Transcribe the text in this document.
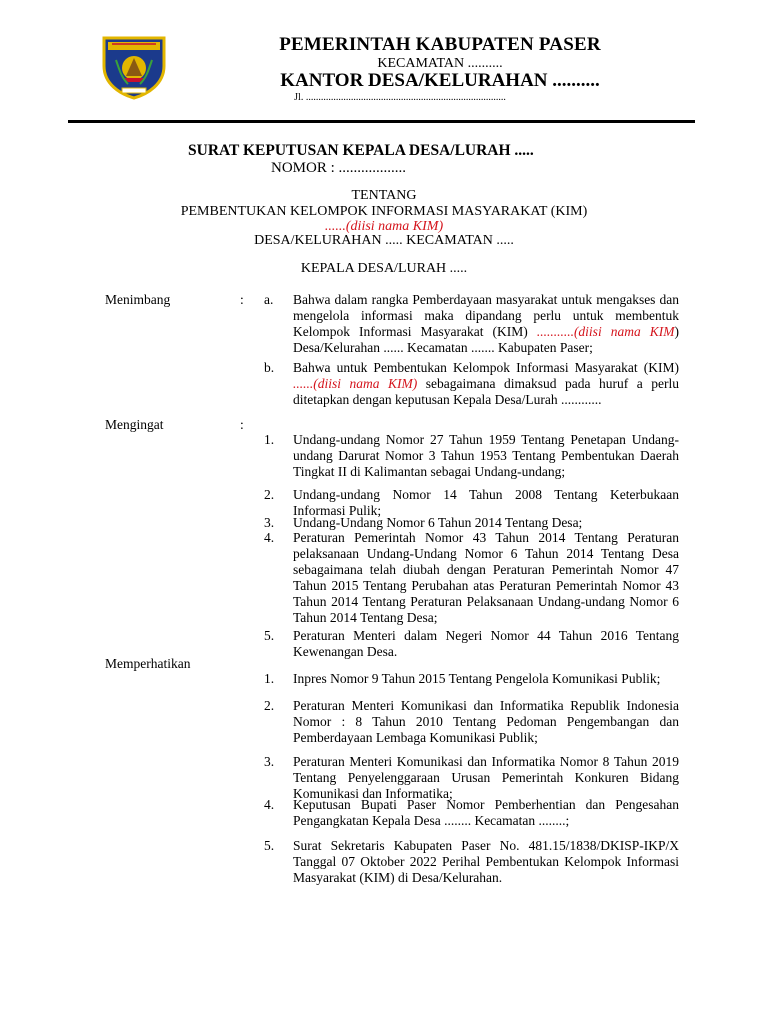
PEMERINTAH KABUPATEN PASER
KECAMATAN ..........
KANTOR DESA/KELURAHAN ..........
Jl. ................................................................................
SURAT KEPUTUSAN KEPALA DESA/LURAH .....
NOMOR : ..................
TENTANG
PEMBENTUKAN KELOMPOK INFORMASI MASYARAKAT (KIM)
......(diisi nama KIM)
DESA/KELURAHAN ..... KECAMATAN .....
KEPALA DESA/LURAH .....
Menimbang	: a. Bahwa dalam rangka Pemberdayaan masyarakat untuk mengakses dan mengelola informasi maka dipandang perlu untuk membentuk Kelompok Informasi Masyarakat (KIM) ...........(diisi nama KIM) Desa/Kelurahan ...... Kecamatan ....... Kabupaten Paser;
b. Bahwa untuk Pembentukan Kelompok Informasi Masyarakat (KIM) ......(diisi nama KIM) sebagaimana dimaksud pada huruf a perlu ditetapkan dengan keputusan Kepala Desa/Lurah ............
Mengingat	:
1. Undang-undang Nomor 27 Tahun 1959 Tentang Penetapan Undang-undang Darurat Nomor 3 Tahun 1953 Tentang Pembentukan Daerah Tingkat II di Kalimantan sebagai Undang-undang;
2. Undang-undang Nomor 14 Tahun 2008 Tentang Keterbukaan Informasi Pulik;
3. Undang-Undang Nomor 6 Tahun 2014 Tentang Desa;
4. Peraturan Pemerintah Nomor 43 Tahun 2014 Tentang Peraturan pelaksanaan Undang-Undang Nomor 6 Tahun 2014 Tentang Desa sebagaimana telah diubah dengan Peraturan Pemerintah Nomor 47 Tahun 2015 Tentang Perubahan atas Peraturan Pemerintah Nomor 43 Tahun 2014 Tentang Peraturan Pelaksanaan Undang-undang Nomor 6 Tahun 2014 Tentang Desa;
5. Peraturan Menteri dalam Negeri Nomor 44 Tahun 2016 Tentang Kewenangan Desa.
Memperhatikan
1. Inpres Nomor 9 Tahun 2015 Tentang Pengelola Komunikasi Publik;
2. Peraturan Menteri Komunikasi dan Informatika Republik Indonesia Nomor : 8 Tahun 2010 Tentang Pedoman Pengembangan dan Pemberdayaan Lembaga Komunikasi Publik;
3. Peraturan Menteri Komunikasi dan Informatika Nomor 8 Tahun 2019 Tentang Penyelenggaraan Urusan Pemerintah Konkuren Bidang Komunikasi dan Informatika;
4. Keputusan Bupati Paser Nomor Pemberhentian dan Pengesahan Pengangkatan Kepala Desa ........ Kecamatan ........;
5. Surat Sekretaris Kabupaten Paser No. 481.15/1838/DKISP-IKP/X Tanggal 07 Oktober 2022 Perihal Pembentukan Kelompok Informasi Masyarakat (KIM) di Desa/Kelurahan.
